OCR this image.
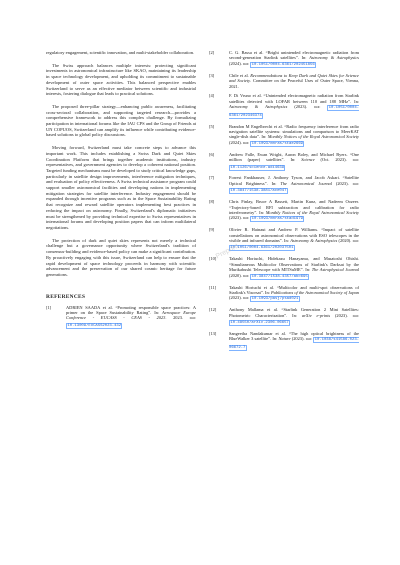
regulatory engagement, scientific innovation, and multi-stakeholder collaboration.

The Swiss approach balances multiple interests: protecting significant investments in astronomical infrastructure like SKAO, maintaining its leadership in space technology development, and upholding its commitment to sustainable development of outer space activities. This balanced perspective enables Switzerland to serve as an effective mediator between scientific and industrial interests, fostering dialogue that leads to practical solutions.

The proposed three-pillar strategy—enhancing public awareness, facilitating cross-sectoral collaboration, and supporting targeted research—provides a comprehensive framework to address this complex challenge. By formalizing participation in international forums like the IAU CPS and the Group of Friends at UN COPUOS, Switzerland can amplify its influence while contributing evidence-based solutions to global policy discussions.

Moving forward, Switzerland must take concrete steps to advance this important work. This includes establishing a Swiss Dark and Quiet Skies Coordination Platform that brings together academic institutions, industry representatives, and government agencies to develop a coherent national position. Targeted funding mechanisms must be developed to study critical knowledge gaps, particularly in satellite design improvements, interference mitigation techniques, and evaluation of policy effectiveness. A Swiss technical assistance program could support smaller astronomical facilities and developing nations in implementing mitigation strategies for satellite interference. Industry engagement should be expanded through incentive programs such as in the Space Sustainability Rating that recognize and reward satellite operators implementing best practices in reducing the impact on astronomy. Finally, Switzerland's diplomatic initiatives must be strengthened by providing technical expertise to Swiss representatives in international forums and developing position papers that can inform multilateral negotiations.

The protection of dark and quiet skies represents not merely a technical challenge but a governance opportunity where Switzerland's tradition of consensus-building and evidence-based policy can make a significant contribution. By proactively engaging with this issue, Switzerland can help to ensure that the rapid development of space technology proceeds in harmony with scientific advancement and the preservation of our shared cosmic heritage for future generations.

REFERENCES
[1]	ADRIEN SAADA et al. “Promoting responsible space practices: A primer on the Space Sustainability Rating”. In: Aerospace Europe Conference - EUCASS - CEAS - 2023. 2023. doi: 10.13009/EUCASS2023-432
[2]	C. G. Bassa et al. “Bright unintended electromagnetic radiation from second-generation Starlink satellites”. In: Astronomy & Astrophysics (2024). doi: 10.1051/0004-6361/202451856
[3]	Chile et al. Recommendations to Keep Dark and Quiet Skies for Science and Society. Committee on the Peaceful Uses of Outer Space, Vienna, 2021.
[4]	F. Di Vruno et al. “Unintended electromagnetic radiation from Starlink satellites detected with LOFAR between 110 and 188 MHz”. In: Astronomy & Astrophysics (2023). doi: 10.1051/0004-6361/202346374
[5]	Brandon M Engelbrecht et al. “Radio frequency interference from radio navigation satellite systems: simulations and comparison to MeerKAT single-dish data”. In: Monthly Notices of the Royal Astronomical Society (2024). doi: 10.1093/mnras/stae2669
[6]	Andrew Falle, Ewan Wright, Aaron Boley, and Michael Byers. “One million (paper) satellites”. In: Science (Oct. 2023). doi: 10.1126/science.adi4639
[7]	Forrest Fankhauser, J. Anthony Tyson, and Jacob Askari. “Satellite Optical Brightness”. In: The Astronomical Journal (2023). doi: 10.3847/1538-3881/ace047
[8]	Chris Finlay, Bruce A Bassett, Martin Kunz, and Nadeem Oozeer. “Trajectory-based RFI subtraction and calibration for radio interferometry”. In: Monthly Notices of the Royal Astronomical Society (2023). doi: 10.1093/mnras/stad1979
[9]	Olivier R. Hainaut and Andrew P. Williams. “Impact of satellite constellations on astronomical observations with ESO telescopes in the visible and infrared domains”. In: Astronomy & Astrophysics (2020). doi: 10.1051/0004-6361/202037501
[10]	Takashi Horiuchi, Hidekazu Hanayama, and Masatoshi Ohishi. “Simultaneous Multicolor Observations of Starlink's Darksat by the Murikabushi Telescope with MITSuME”. In: The Astrophysical Journal (2020). doi: 10.3847/1538-4357/abc695
[11]	Takashi Horiuchi et al. “Multicolor and multi-spot observations of Starlink's Visorsat”. In: Publications of the Astronomical Society of Japan (2023). doi: 10.1093/pasj/psad021
[12]	Anthony Mallama et al. “Starlink Generation 2 Mini Satellites: Photometric Characterization”. In: arXiv e-prints (2023). doi: 10.48550/arXiv.2306.06657
[13]	Sangeetha Nandakumar et al. “The high optical brightness of the BlueWalker 3 satellite”. In: Nature (2023). doi: 10.1038/s41586-023-06672-7
Preprint
